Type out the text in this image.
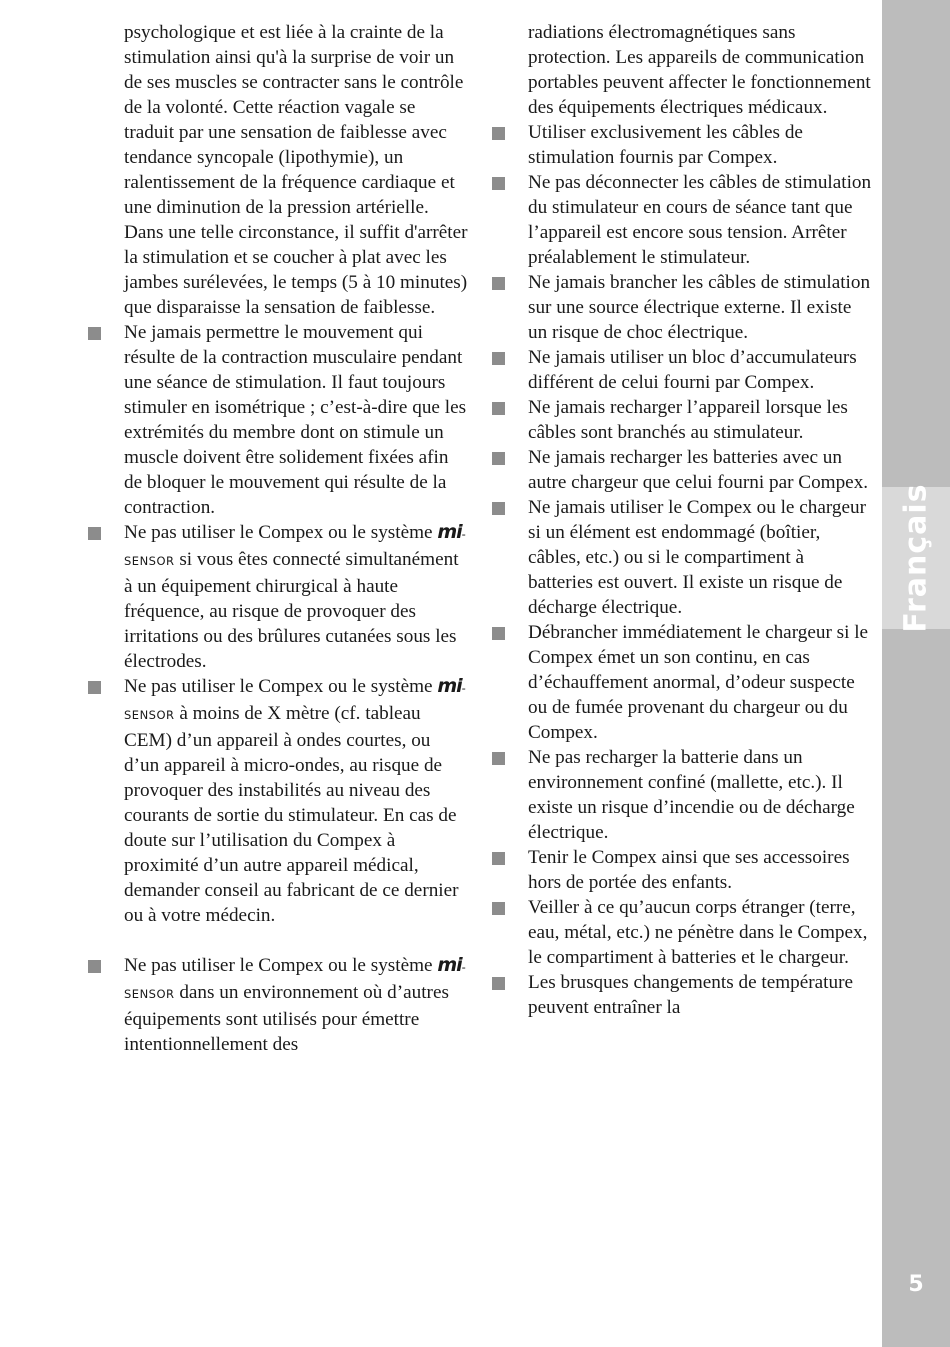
psychologique et est liée à la crainte de la stimulation ainsi qu'à la surprise de voir un de ses muscles se contracter sans le contrôle de la volonté. Cette réaction vagale se traduit par une sensation de faiblesse avec tendance syncopale (lipothymie), un ralentissement de la fréquence cardiaque et une diminution de la pression artérielle. Dans une telle circonstance, il suffit d'arrêter la stimulation et se coucher à plat avec les jambes surélevées, le temps (5 à 10 minutes) que disparaisse la sensation de faiblesse.

Ne jamais permettre le mouvement qui résulte de la contraction musculaire pendant une séance de stimulation. Il faut toujours stimuler en isométrique ; c’est-à-dire que les extrémités du membre dont on stimule un muscle doivent être solidement fixées afin de bloquer le mouvement qui résulte de la contraction.

Ne pas utiliser le Compex ou le système mi-SENSOR si vous êtes connecté simultanément à un équipement chirurgical à haute fréquence, au risque de provoquer des irritations ou des brûlures cutanées sous les électrodes.

Ne pas utiliser le Compex ou le système mi-SENSOR à moins de X mètre (cf. tableau CEM) d’un appareil à ondes courtes, ou d’un appareil à micro-ondes, au risque de provoquer des instabilités au niveau des courants de sortie du stimulateur. En cas de doute sur l’utilisation du Compex à proximité d’un autre appareil médical, demander conseil au fabricant de ce dernier ou à votre médecin.

Ne pas utiliser le Compex ou le système mi-SENSOR dans un environnement où d’autres équipements sont utilisés pour émettre intentionnellement des

radiations électromagnétiques sans protection. Les appareils de communication portables peuvent affecter le fonctionnement des équipements électriques médicaux.

Utiliser exclusivement les câbles de stimulation fournis par Compex.

Ne pas déconnecter les câbles de stimulation du stimulateur en cours de séance tant que l’appareil est encore sous tension. Arrêter préalablement le stimulateur.

Ne jamais brancher les câbles de stimulation sur une source électrique externe. Il existe un risque de choc électrique.

Ne jamais utiliser un bloc d’accumulateurs différent de celui fourni par Compex.

Ne jamais recharger l’appareil lorsque les câbles sont branchés au stimulateur.

Ne jamais recharger les batteries avec un autre chargeur que celui fourni par Compex.

Ne jamais utiliser le Compex ou le chargeur si un élément est endommagé (boîtier, câbles, etc.) ou si le compartiment à batteries est ouvert. Il existe un risque de décharge électrique.

Débrancher immédiatement le chargeur si le Compex émet un son continu, en cas d’échauffement anormal, d’odeur suspecte ou de fumée provenant du chargeur ou du Compex.

Ne pas recharger la batterie dans un environnement confiné (mallette, etc.). Il existe un risque d’incendie ou de décharge électrique.

Tenir le Compex ainsi que ses accessoires hors de portée des enfants.

Veiller à ce qu’aucun corps étranger (terre, eau, métal, etc.) ne pénètre dans le Compex, le compartiment à batteries et le chargeur.

Les brusques changements de température peuvent entraîner la

Français
5
